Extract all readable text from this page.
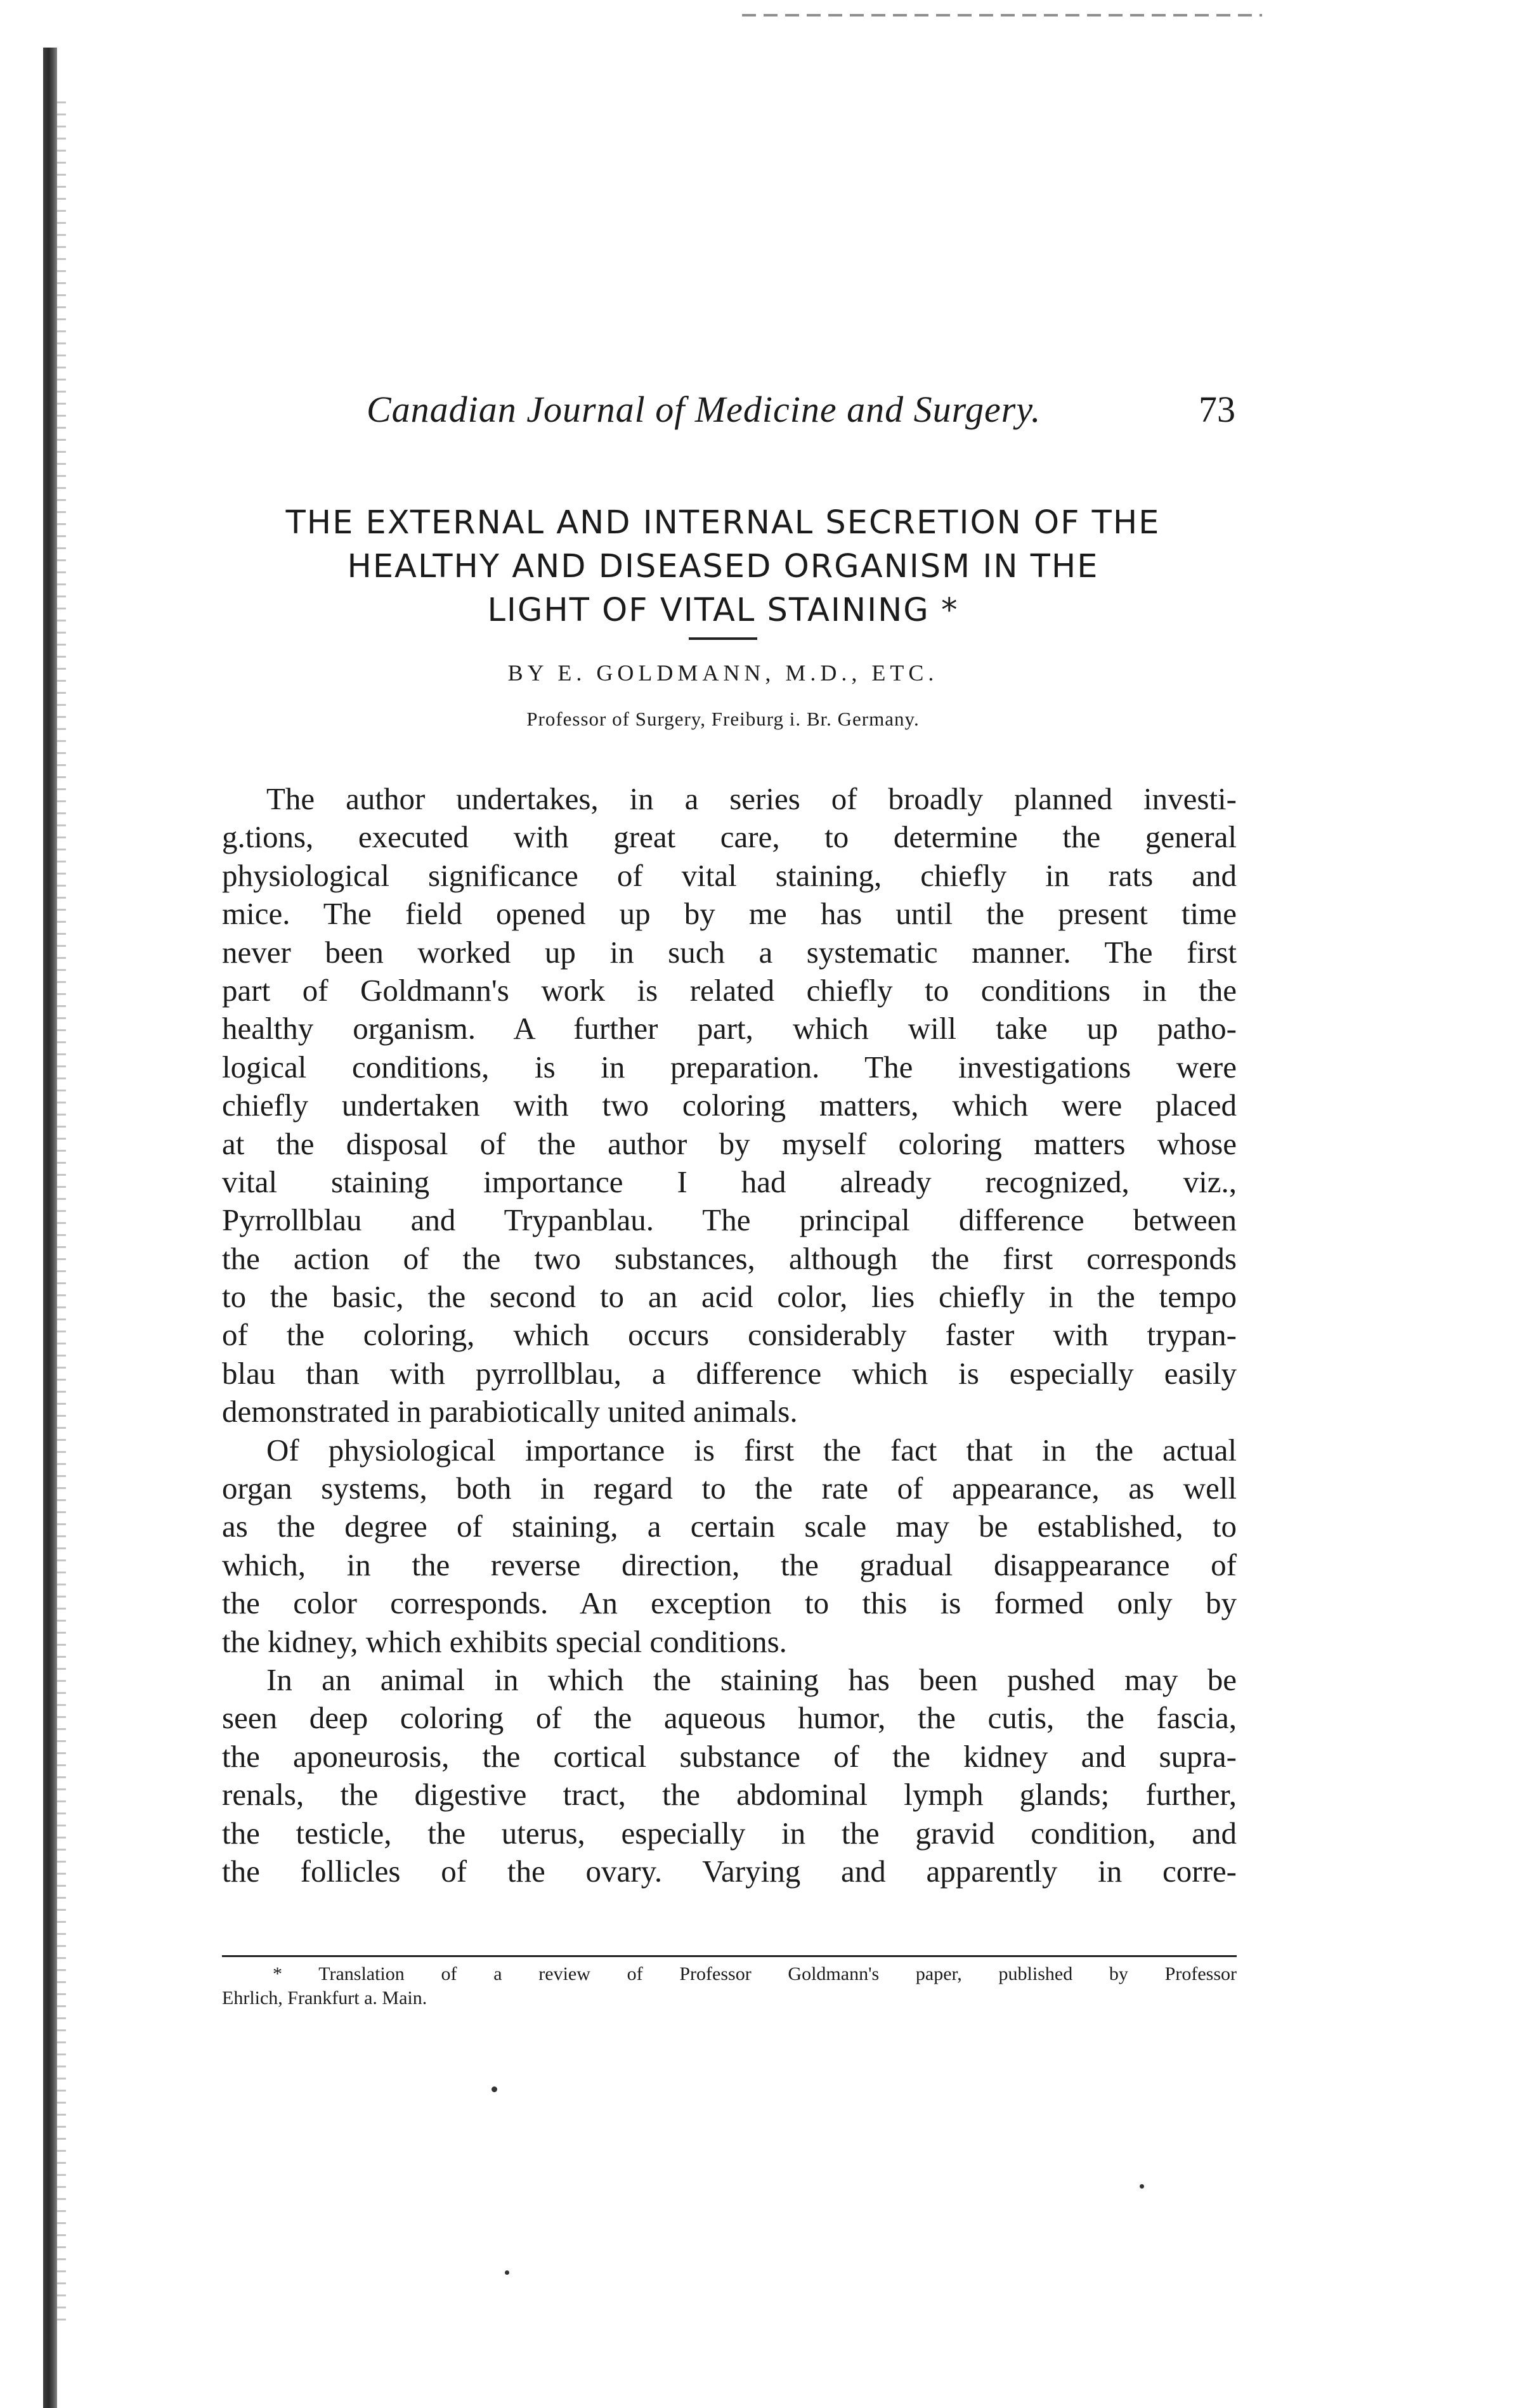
Canadian Journal of Medicine and Surgery.	73
THE EXTERNAL AND INTERNAL SECRETION OF THE
HEALTHY AND DISEASED ORGANISM IN THE
LIGHT OF VITAL STAINING *
BY E. GOLDMANN, M.D., ETC.
Professor of Surgery, Freiburg i. Br. Germany.
The author undertakes, in a series of broadly planned investi-
g.tions, executed with great care, to determine the general
physiological significance of vital staining, chiefly in rats and
mice. The field opened up by me has until the present time
never been worked up in such a systematic manner. The first
part of Goldmann's work is related chiefly to conditions in the
healthy organism. A further part, which will take up patho-
logical conditions, is in preparation. The investigations were
chiefly undertaken with two coloring matters, which were placed
at the disposal of the author by myself coloring matters whose
vital staining importance I had already recognized, viz.,
Pyrrollblau and Trypanblau. The principal difference between
the action of the two substances, although the first corresponds
to the basic, the second to an acid color, lies chiefly in the tempo
of the coloring, which occurs considerably faster with trypan-
blau than with pyrrollblau, a difference which is especially easily
demonstrated in parabiotically united animals.
Of physiological importance is first the fact that in the actual
organ systems, both in regard to the rate of appearance, as well
as the degree of staining, a certain scale may be established, to
which, in the reverse direction, the gradual disappearance of
the color corresponds. An exception to this is formed only by
the kidney, which exhibits special conditions.
In an animal in which the staining has been pushed may be
seen deep coloring of the aqueous humor, the cutis, the fascia,
the aponeurosis, the cortical substance of the kidney and supra-
renals, the digestive tract, the abdominal lymph glands; further,
the testicle, the uterus, especially in the gravid condition, and
the follicles of the ovary. Varying and apparently in corre-
* Translation of a review of Professor Goldmann's paper, published by Professor
Ehrlich, Frankfurt a. Main.
